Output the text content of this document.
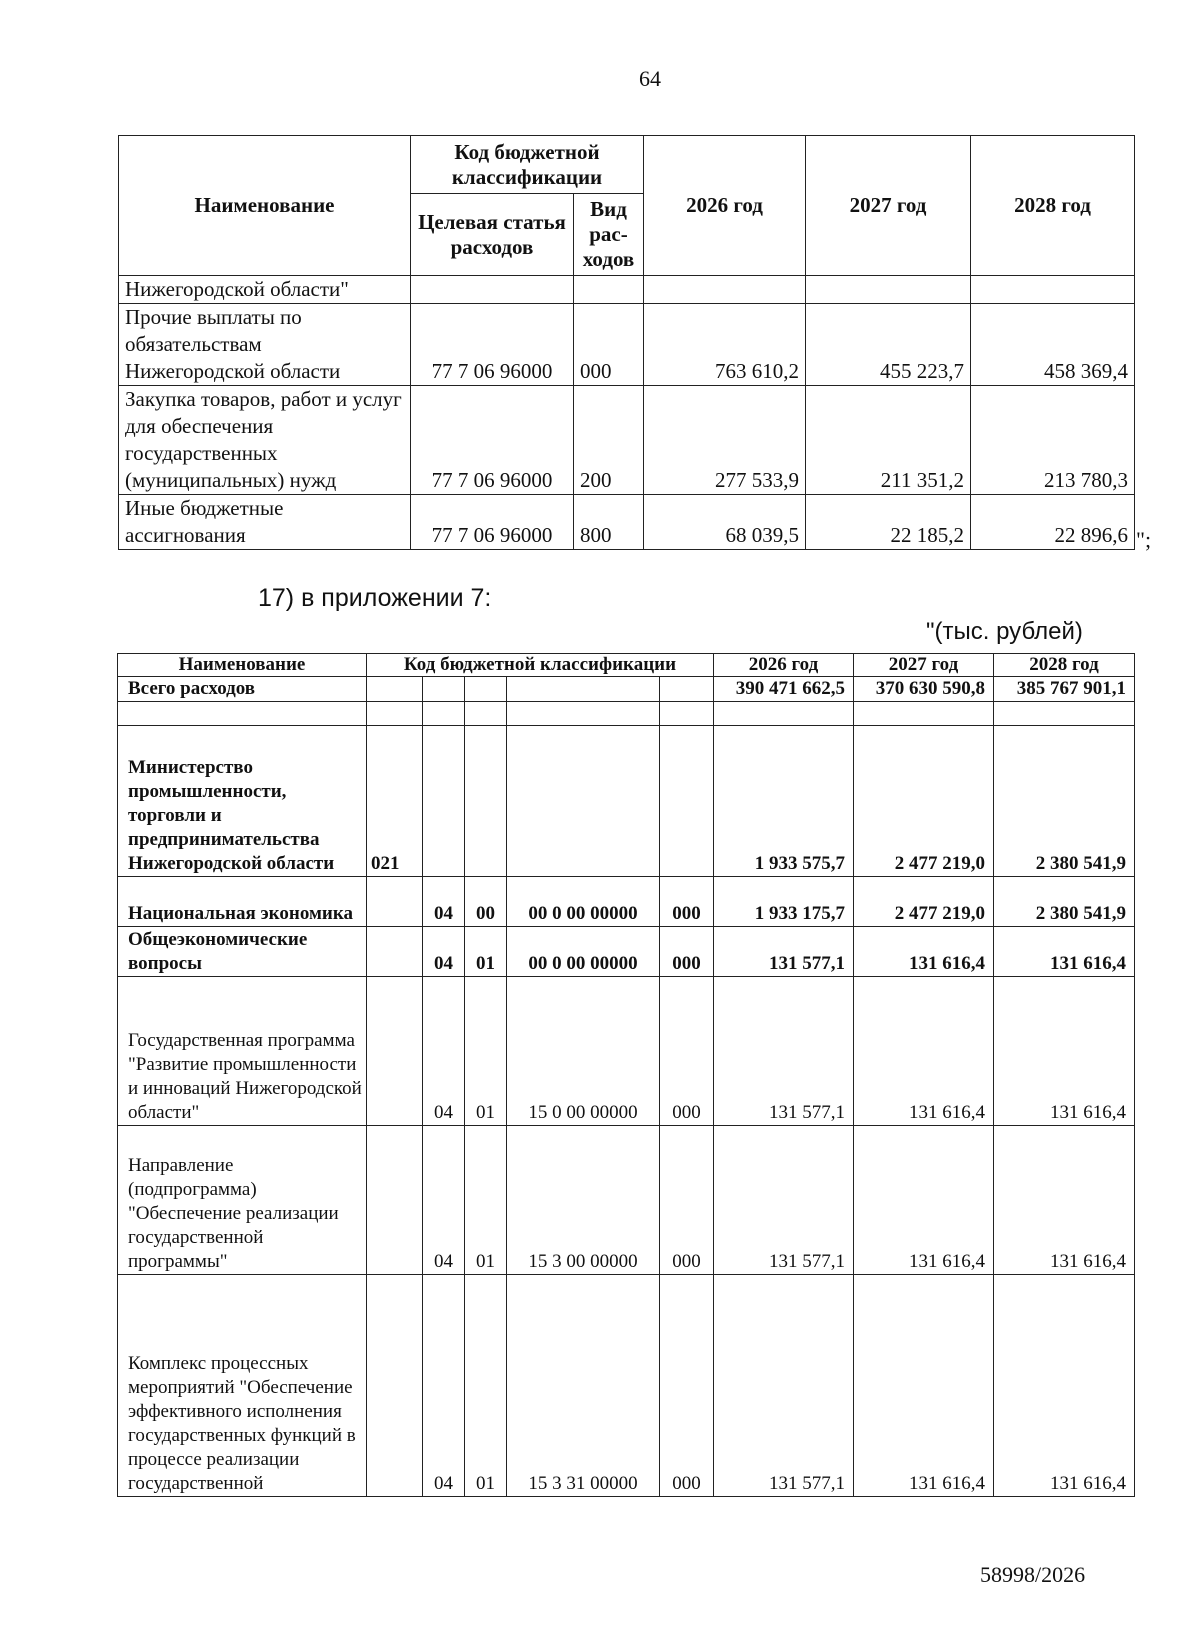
64
Наименование	Код бюджетной классификации		2026 год	2027 год	2028 год
	Целевая статья расходов	Вид рас-ходов			
Нижегородской области"					
Прочие выплаты по обязательствам Нижегородской области	77 7 06 96000	000	763 610,2	455 223,7	458 369,4
Закупка товаров, работ и услуг для обеспечения государственных (муниципальных) нужд	77 7 06 96000	200	277 533,9	211 351,2	213 780,3
Иные бюджетные ассигнования	77 7 06 96000	800	68 039,5	22 185,2	22 896,6 ";
17) в приложении 7:
"(тыс. рублей)
Наименование	Код бюджетной классификации					2026 год	2027 год	2028 год
Всего расходов						390 471 662,5	370 630 590,8	385 767 901,1

Министерство промышленности, торговли и предпринимательства Нижегородской области	021					1 933 575,7	2 477 219,0	2 380 541,9
Национальная экономика		04	00	00 0 00 00000	000	1 933 175,7	2 477 219,0	2 380 541,9
Общеэкономические вопросы		04	01	00 0 00 00000	000	131 577,1	131 616,4	131 616,4
Государственная программа "Развитие промышленности и инноваций Нижегородской области"		04	01	15 0 00 00000	000	131 577,1	131 616,4	131 616,4
Направление (подпрограмма) "Обеспечение реализации государственной программы"		04	01	15 3 00 00000	000	131 577,1	131 616,4	131 616,4
Комплекс процессных мероприятий "Обеспечение эффективного исполнения государственных функций в процессе реализации государственной		04	01	15 3 31 00000	000	131 577,1	131 616,4	131 616,4
58998/2026
